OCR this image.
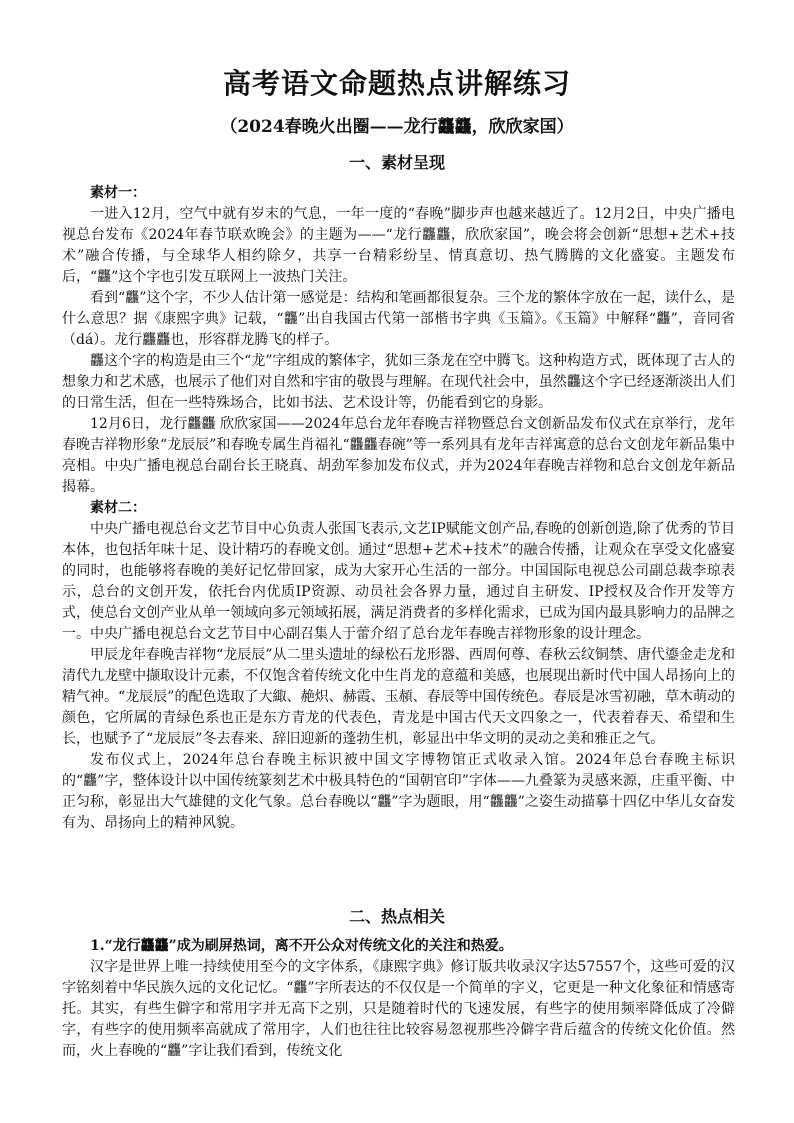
高考语文命题热点讲解练习
（2024春晚火出圈——龙行龘龘，欣欣家国）
一、素材呈现

素材一：

一进入12月，空气中就有岁末的气息，一年一度的“春晚”脚步声也越来越近了。12月2日，中央广播电视总台发布《2024年春节联欢晚会》的主题为——“龙行龘龘，欣欣家国”，晚会将会创新“思想+艺术+技术”融合传播，与全球华人相约除夕，共享一台精彩纷呈、情真意切、热气腾腾的文化盛宴。主题发布后，“龘”这个字也引发互联网上一波热门关注。

看到“龘”这个字，不少人估计第一感觉是：结构和笔画都很复杂。三个龙的繁体字放在一起，读什么，是什么意思？据《康熙字典》记载，“龘”出自我国古代第一部楷书字典《玉篇》。《玉篇》中解释“龘”，音同省（dá）。龙行龘龘也，形容群龙腾飞的样子。

龘这个字的构造是由三个“龙”字组成的繁体字，犹如三条龙在空中腾飞。这种构造方式，既体现了古人的想象力和艺术感，也展示了他们对自然和宇宙的敬畏与理解。在现代社会中，虽然龘这个字已经逐渐淡出人们的日常生活，但在一些特殊场合，比如书法、艺术设计等，仍能看到它的身影。

12月6日，龙行龘龘 欣欣家国——2024年总台龙年春晚吉祥物暨总台文创新品发布仪式在京举行，龙年春晚吉祥物形象“龙辰辰”和春晚专属生肖福礼“龘龘春碗”等一系列具有龙年吉祥寓意的总台文创龙年新品集中亮相。中央广播电视总台副台长王晓真、胡劲军参加发布仪式，并为2024年春晚吉祥物和总台文创龙年新品揭幕。

素材二：

中央广播电视总台文艺节目中心负责人张国飞表示,文艺IP赋能文创产品,春晚的创新创造,除了优秀的节目本体，也包括年味十足、设计精巧的春晚文创。通过“思想+艺术+技术”的融合传播，让观众在享受文化盛宴的同时，也能够将春晚的美好记忆带回家，成为大家开心生活的一部分。中国国际电视总公司副总裁李琼表示，总台的文创开发，依托台内优质IP资源、动员社会各界力量，通过自主研发、IP授权及合作开发等方式，使总台文创产业从单一领域向多元领域拓展，满足消费者的多样化需求，已成为国内最具影响力的品牌之一。中央广播电视总台文艺节目中心副召集人于蕾介绍了总台龙年春晚吉祥物形象的设计理念。

甲辰龙年春晚吉祥物“龙辰辰”从二里头遗址的绿松石龙形器、西周何尊、春秋云纹铜禁、唐代鎏金走龙和清代九龙壁中撷取设计元素，不仅饱含着传统文化中生肖龙的意蕴和美感，也展现出新时代中国人昂扬向上的精气神。“龙辰辰”的配色选取了大緅、赩炽、赫霞、玉頳、春辰等中国传统色。春辰是冰雪初融，草木萌动的颜色，它所属的青绿色系也正是东方青龙的代表色，青龙是中国古代天文四象之一，代表着春天、希望和生长，也赋予了“龙辰辰”冬去春来、辞旧迎新的蓬勃生机，彰显出中华文明的灵动之美和雅正之气。

发布仪式上，2024年总台春晚主标识被中国文字博物馆正式收录入馆。2024年总台春晚主标识的“龘”字，整体设计以中国传统篆刻艺术中极具特色的“国朝官印”字体——九叠篆为灵感来源，庄重平衡、中正匀称，彰显出大气雄健的文化气象。总台春晚以“龘”字为题眼，用“龘龘”之姿生动描摹十四亿中华儿女奋发有为、昂扬向上的精神风貌。

二、热点相关

1.“龙行龘龘”成为刷屏热词，离不开公众对传统文化的关注和热爱。

汉字是世界上唯一持续使用至今的文字体系，《康熙字典》修订版共收录汉字达57557个，这些可爱的汉字铭刻着中华民族久远的文化记忆。“龘”字所表达的不仅仅是一个简单的字义，它更是一种文化象征和情感寄托。其实，有些生僻字和常用字并无高下之别，只是随着时代的飞速发展，有些字的使用频率降低成了冷僻字，有些字的使用频率高就成了常用字，人们也往往比较容易忽视那些冷僻字背后蕴含的传统文化价值。然而，火上春晚的“龘”字让我们看到，传统文化
